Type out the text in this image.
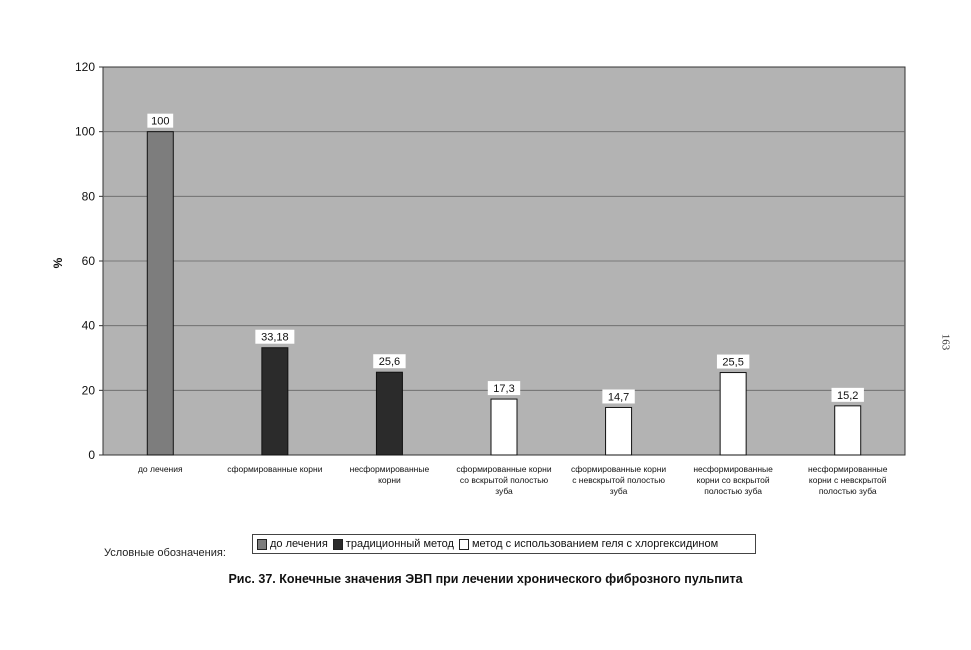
100
до лечения
33,18
сформированные корни
25,6
несформированные
корни
17,3
сформированные корни
со вскрытой полостью
зуба
14,7
сформированные корни
с невскрытой полостью
зуба
25,5
несформированные
корни со вскрытой
полостью зуба
15,2
несформированные
корни с невскрытой
полостью зуба
0
20
40
60
80
100
120
%
Условные обозначения:
до лечения традиционный метод метод с использованием геля с хлоргексидином
Рис. 37. Конечные значения ЭВП при лечении хронического фиброзного пульпита
163
